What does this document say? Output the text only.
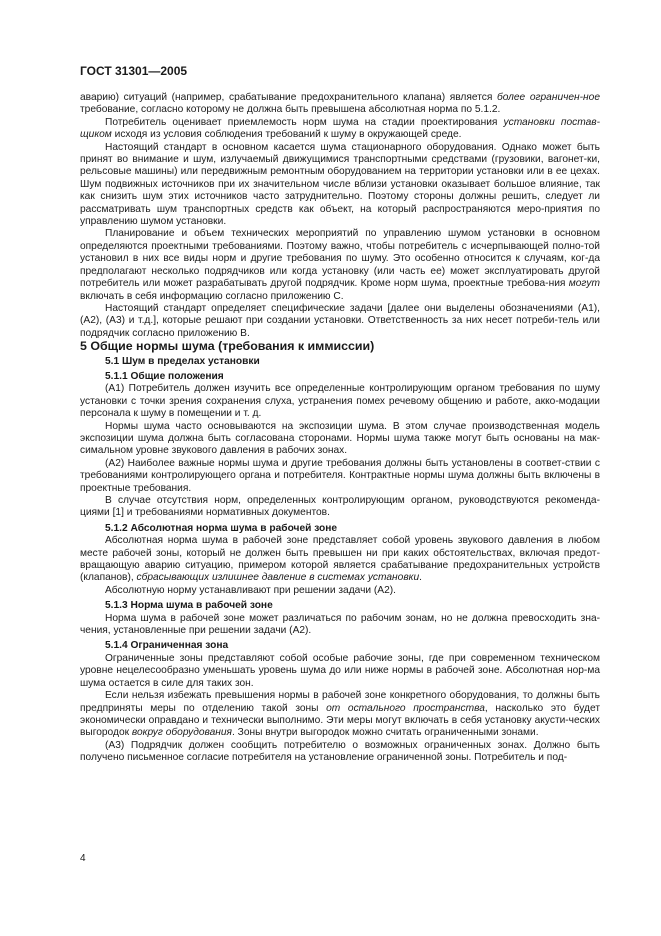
ГОСТ 31301—2005

аварию) ситуаций (например, срабатывание предохранительного клапана) является более ограничен-ное требование, согласно которому не должна быть превышена абсолютная норма по 5.1.2.

Потребитель оценивает приемлемость норм шума на стадии проектирования установки постав-щиком исходя из условия соблюдения требований к шуму в окружающей среде.

Настоящий стандарт в основном касается шума стационарного оборудования. Однако может быть принят во внимание и шум, излучаемый движущимися транспортными средствами (грузовики, вагонет-ки, рельсовые машины) или передвижным ремонтным оборудованием на территории установки или в ее цехах. Шум подвижных источников при их значительном числе вблизи установки оказывает большое влияние, так как снизить шум этих источников часто затруднительно. Поэтому стороны должны решить, следует ли рассматривать шум транспортных средств как объект, на который распространяются меро-приятия по управлению шумом установки.

Планирование и объем технических мероприятий по управлению шумом установки в основном определяются проектными требованиями. Поэтому важно, чтобы потребитель с исчерпывающей полно-той установил в них все виды норм и другие требования по шуму. Это особенно относится к случаям, ког-да предполагают несколько подрядчиков или когда установку (или часть ее) может эксплуатировать другой потребитель или может разрабатывать другой подрядчик. Кроме норм шума, проектные требова-ния могут включать в себя информацию согласно приложению С.

Настоящий стандарт определяет специфические задачи [далее они выделены обозначениями (А1), (А2), (А3) и т.д.], которые решают при создании установки. Ответственность за них несет потреби-тель или подрядчик согласно приложению В.

5 Общие нормы шума (требования к иммиссии)

5.1 Шум в пределах установки

5.1.1 Общие положения

(А1) Потребитель должен изучить все определенные контролирующим органом требования по шуму установки с точки зрения сохранения слуха, устранения помех речевому общению и работе, акко-модации персонала к шуму в помещении и т. д.

Нормы шума часто основываются на экспозиции шума. В этом случае производственная модель экспозиции шума должна быть согласована сторонами. Нормы шума также могут быть основаны на мак-симальном уровне звукового давления в рабочих зонах.

(А2) Наиболее важные нормы шума и другие требования должны быть установлены в соответ-ствии с требованиями контролирующего органа и потребителя. Контрактные нормы шума должны быть включены в проектные требования.

В случае отсутствия норм, определенных контролирующим органом, руководствуются рекоменда-циями [1] и требованиями нормативных документов.

5.1.2 Абсолютная норма шума в рабочей зоне

Абсолютная норма шума в рабочей зоне представляет собой уровень звукового давления в любом месте рабочей зоны, который не должен быть превышен ни при каких обстоятельствах, включая предот-вращающую аварию ситуацию, примером которой является срабатывание предохранительных устройств (клапанов), сбрасывающих излишнее давление в системах установки.

Абсолютную норму устанавливают при решении задачи (А2).

5.1.3 Норма шума в рабочей зоне

Норма шума в рабочей зоне может различаться по рабочим зонам, но не должна превосходить зна-чения, установленные при решении задачи (А2).

5.1.4 Ограниченная зона

Ограниченные зоны представляют собой особые рабочие зоны, где при современном техническом уровне нецелесообразно уменьшать уровень шума до или ниже нормы в рабочей зоне. Абсолютная нор-ма шума остается в силе для таких зон.

Если нельзя избежать превышения нормы в рабочей зоне конкретного оборудования, то должны быть предприняты меры по отделению такой зоны от остального пространства, насколько это будет экономически оправдано и технически выполнимо. Эти меры могут включать в себя установку акусти-ческих выгородок вокруг оборудования. Зоны внутри выгородок можно считать ограниченными зонами.

(А3) Подрядчик должен сообщить потребителю о возможных ограниченных зонах. Должно быть получено письменное согласие потребителя на установление ограниченной зоны. Потребитель и под-

4
